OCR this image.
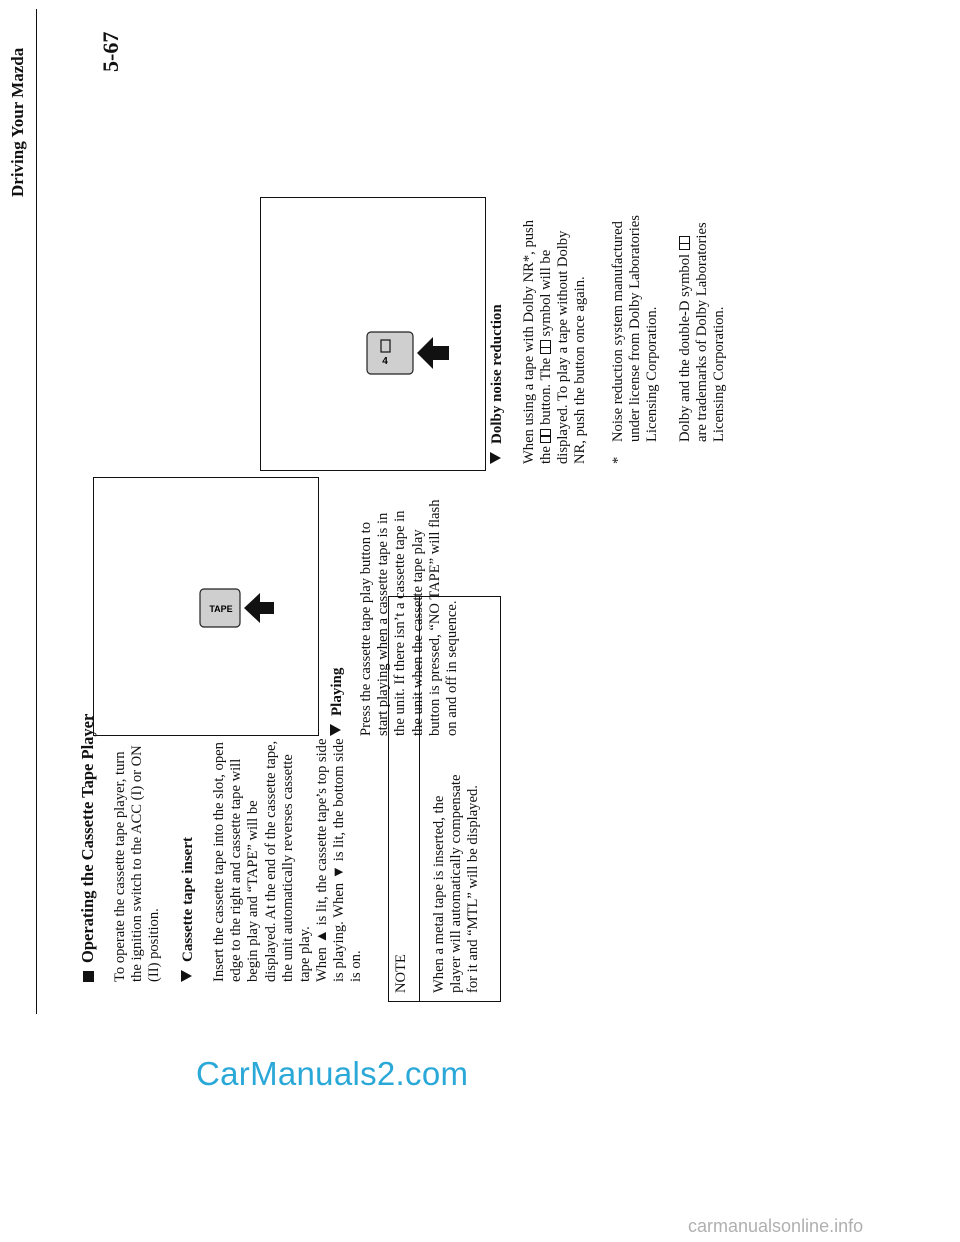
Driving Your Mazda	5-67
Operating the Cassette Tape Player
To operate the cassette tape player, turn
the ignition switch to the ACC (I) or ON
(II) position. Cassette tape insert
Insert the cassette tape into the slot, open
edge to the right and cassette tape will
begin play and “TAPE” will be
displayed. At the end of the cassette tape,
the unit automatically reverses cassette
tape play.
When ▲ is lit, the cassette tape’s top side
is playing. When ▼ is lit, the bottom side
is on. NOTE When a metal tape is inserted, the
player will automatically compensate
for it and “MTL” will be displayed.
TAPE
Playing
Press the cassette tape play button to
start playing when a cassette tape is in
the unit. If there isn’t a cassette tape in
the unit when the cassette tape play
button is pressed, “NO TAPE” will flash
on and off in sequence.
4	Dolby noise reduction When using a tape with Dolby NR*, push the  button. The  symbol will be
displayed. To play a tape without Dolby
NR, push the button once again.
*
Noise reduction system manufactured
under license from Dolby Laboratories
Licensing Corporation. Dolby and the double-D symbol are trademarks of Dolby Laboratories
Licensing Corporation.
CarManuals2.com
carmanualsonline.info
